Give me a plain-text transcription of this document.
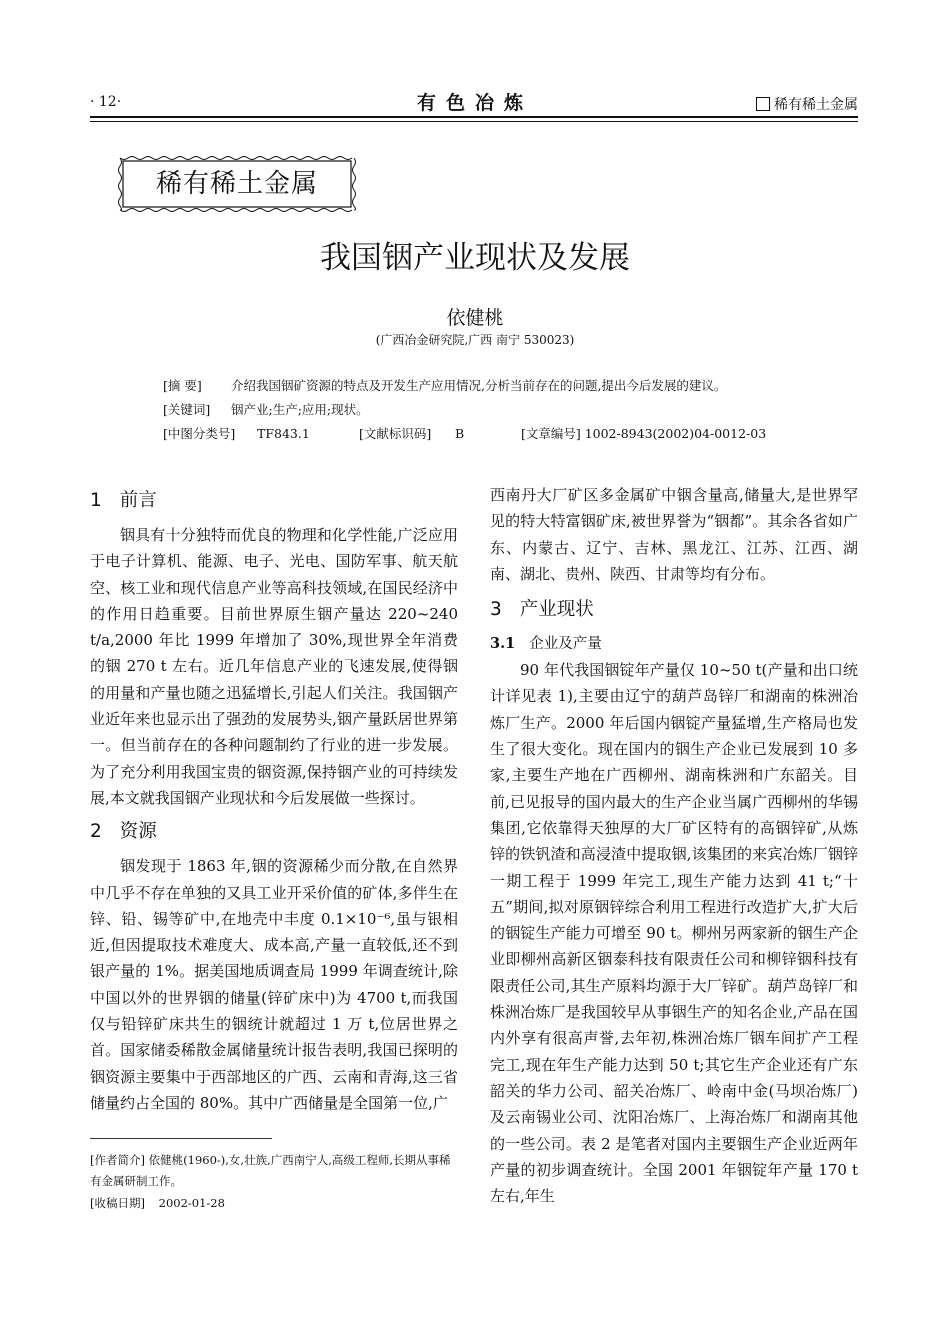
· 12·	有色冶炼	稀有稀土金属
稀有稀土金属
我国铟产业现状及发展
依健桃
(广西冶金研究院,广西 南宁 530023)
[摘 要] 介绍我国铟矿资源的特点及开发生产应用情况,分析当前存在的问题,提出今后发展的建议。
[关键词] 铟产业;生产;应用;现状。
[中图分类号] TF843.1	[文献标识码] B	[文章编号] 1002-8943(2002)04-0012-03
1 前言

铟具有十分独特而优良的物理和化学性能,广泛应用于电子计算机、能源、电子、光电、国防军事、航天航空、核工业和现代信息产业等高科技领域,在国民经济中的作用日趋重要。目前世界原生铟产量达 220~240 t/a,2000 年比 1999 年增加了 30%,现世界全年消费的铟 270 t 左右。近几年信息产业的飞速发展,使得铟的用量和产量也随之迅猛增长,引起人们关注。我国铟产业近年来也显示出了强劲的发展势头,铟产量跃居世界第一。但当前存在的各种问题制约了行业的进一步发展。为了充分利用我国宝贵的铟资源,保持铟产业的可持续发展,本文就我国铟产业现状和今后发展做一些探讨。

2 资源

铟发现于 1863 年,铟的资源稀少而分散,在自然界中几乎不存在单独的又具工业开采价值的矿体,多伴生在锌、铅、锡等矿中,在地壳中丰度 0.1×10⁻⁶,虽与银相近,但因提取技术难度大、成本高,产量一直较低,还不到银产量的 1%。据美国地质调查局 1999 年调查统计,除中国以外的世界铟的储量(锌矿床中)为 4700 t,而我国仅与铅锌矿床共生的铟统计就超过 1 万 t,位居世界之首。国家储委稀散金属储量统计报告表明,我国已探明的铟资源主要集中于西部地区的广西、云南和青海,这三省储量约占全国的 80%。其中广西储量是全国第一位,广

[作者简介] 依健桃(1960-),女,壮族,广西南宁人,高级工程师,长期从事稀有金属研制工作。
[收稿日期] 2002-01-28

西南丹大厂矿区多金属矿中铟含量高,储量大,是世界罕见的特大特富铟矿床,被世界誉为“铟都”。其余各省如广东、内蒙古、辽宁、吉林、黑龙江、江苏、江西、湖南、湖北、贵州、陕西、甘肃等均有分布。

3 产业现状
3.1 企业及产量

90 年代我国铟锭年产量仅 10~50 t(产量和出口统计详见表 1),主要由辽宁的葫芦岛锌厂和湖南的株洲冶炼厂生产。2000 年后国内铟锭产量猛增,生产格局也发生了很大变化。现在国内的铟生产企业已发展到 10 多家,主要生产地在广西柳州、湖南株洲和广东韶关。目前,已见报导的国内最大的生产企业当属广西柳州的华锡集团,它依靠得天独厚的大厂矿区特有的高铟锌矿,从炼锌的铁钒渣和高浸渣中提取铟,该集团的来宾冶炼厂铟锌一期工程于 1999 年完工,现生产能力达到 41 t;“十五”期间,拟对原铟锌综合利用工程进行改造扩大,扩大后的铟锭生产能力可增至 90 t。柳州另两家新的铟生产企业即柳州高新区铟泰科技有限责任公司和柳锌铟科技有限责任公司,其生产原料均源于大厂锌矿。葫芦岛锌厂和株洲冶炼厂是我国较早从事铟生产的知名企业,产品在国内外享有很高声誉,去年初,株洲冶炼厂铟车间扩产工程完工,现在年生产能力达到 50 t;其它生产企业还有广东韶关的华力公司、韶关冶炼厂、岭南中金(马坝冶炼厂)及云南锡业公司、沈阳冶炼厂、上海冶炼厂和湖南其他的一些公司。表 2 是笔者对国内主要铟生产企业近两年产量的初步调查统计。全国 2001 年铟锭年产量 170 t 左右,年生
